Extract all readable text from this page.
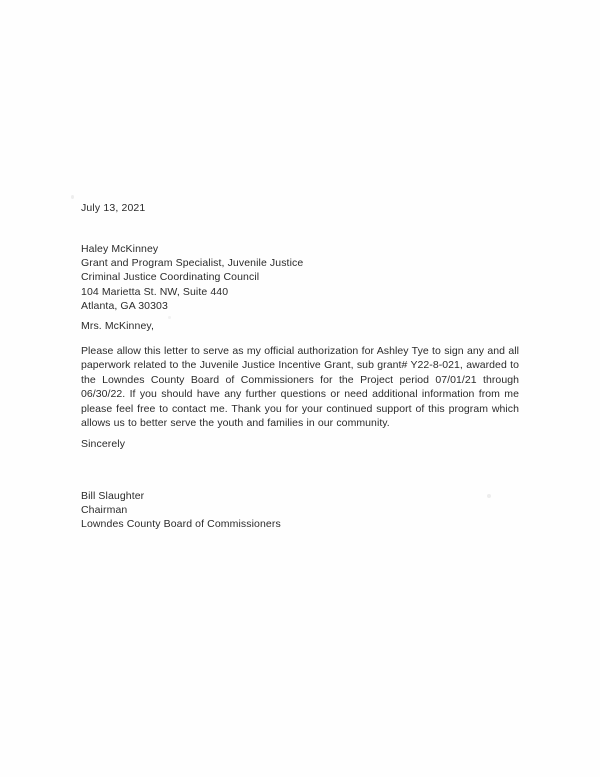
July 13, 2021
Haley McKinney
Grant and Program Specialist, Juvenile Justice
Criminal Justice Coordinating Council
104 Marietta St. NW, Suite 440
Atlanta, GA 30303
Mrs. McKinney,
Please allow this letter to serve as my official authorization for Ashley Tye to sign any and all paperwork related to the Juvenile Justice Incentive Grant, sub grant# Y22-8-021, awarded to the Lowndes County Board of Commissioners for the Project period 07/01/21 through 06/30/22. If you should have any further questions or need additional information from me please feel free to contact me. Thank you for your continued support of this program which allows us to better serve the youth and families in our community.
Sincerely
Bill Slaughter
Chairman
Lowndes County Board of Commissioners
